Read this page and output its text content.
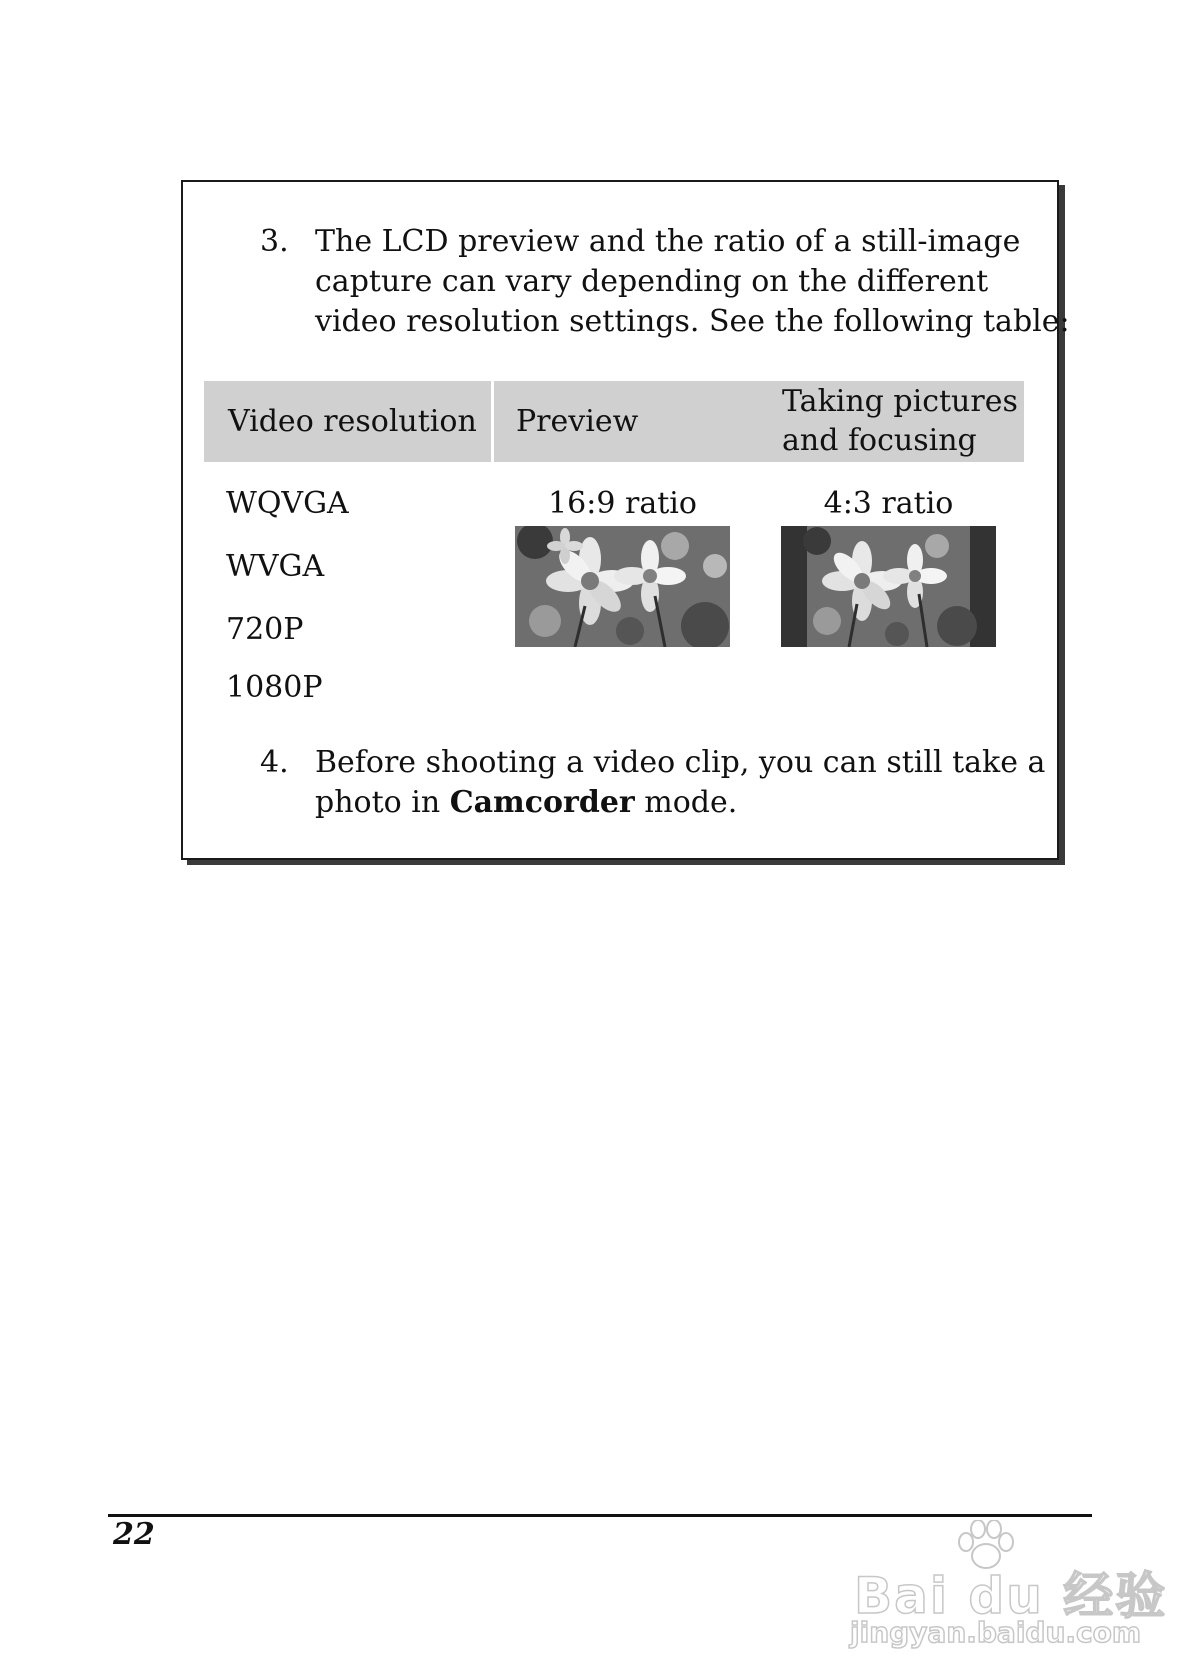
3. The LCD preview and the ratio of a still-image
capture can vary depending on the different
video resolution settings. See the following table:
Video resolution Preview
Taking pictures
and focusing
WQVGA
WVGA
720P
1080P
16:9 ratio	4:3 ratio
4. Before shooting a video clip, you can still take a
photo in Camcorder mode.
22
Bai du 经验
jingyan.baidu.com
